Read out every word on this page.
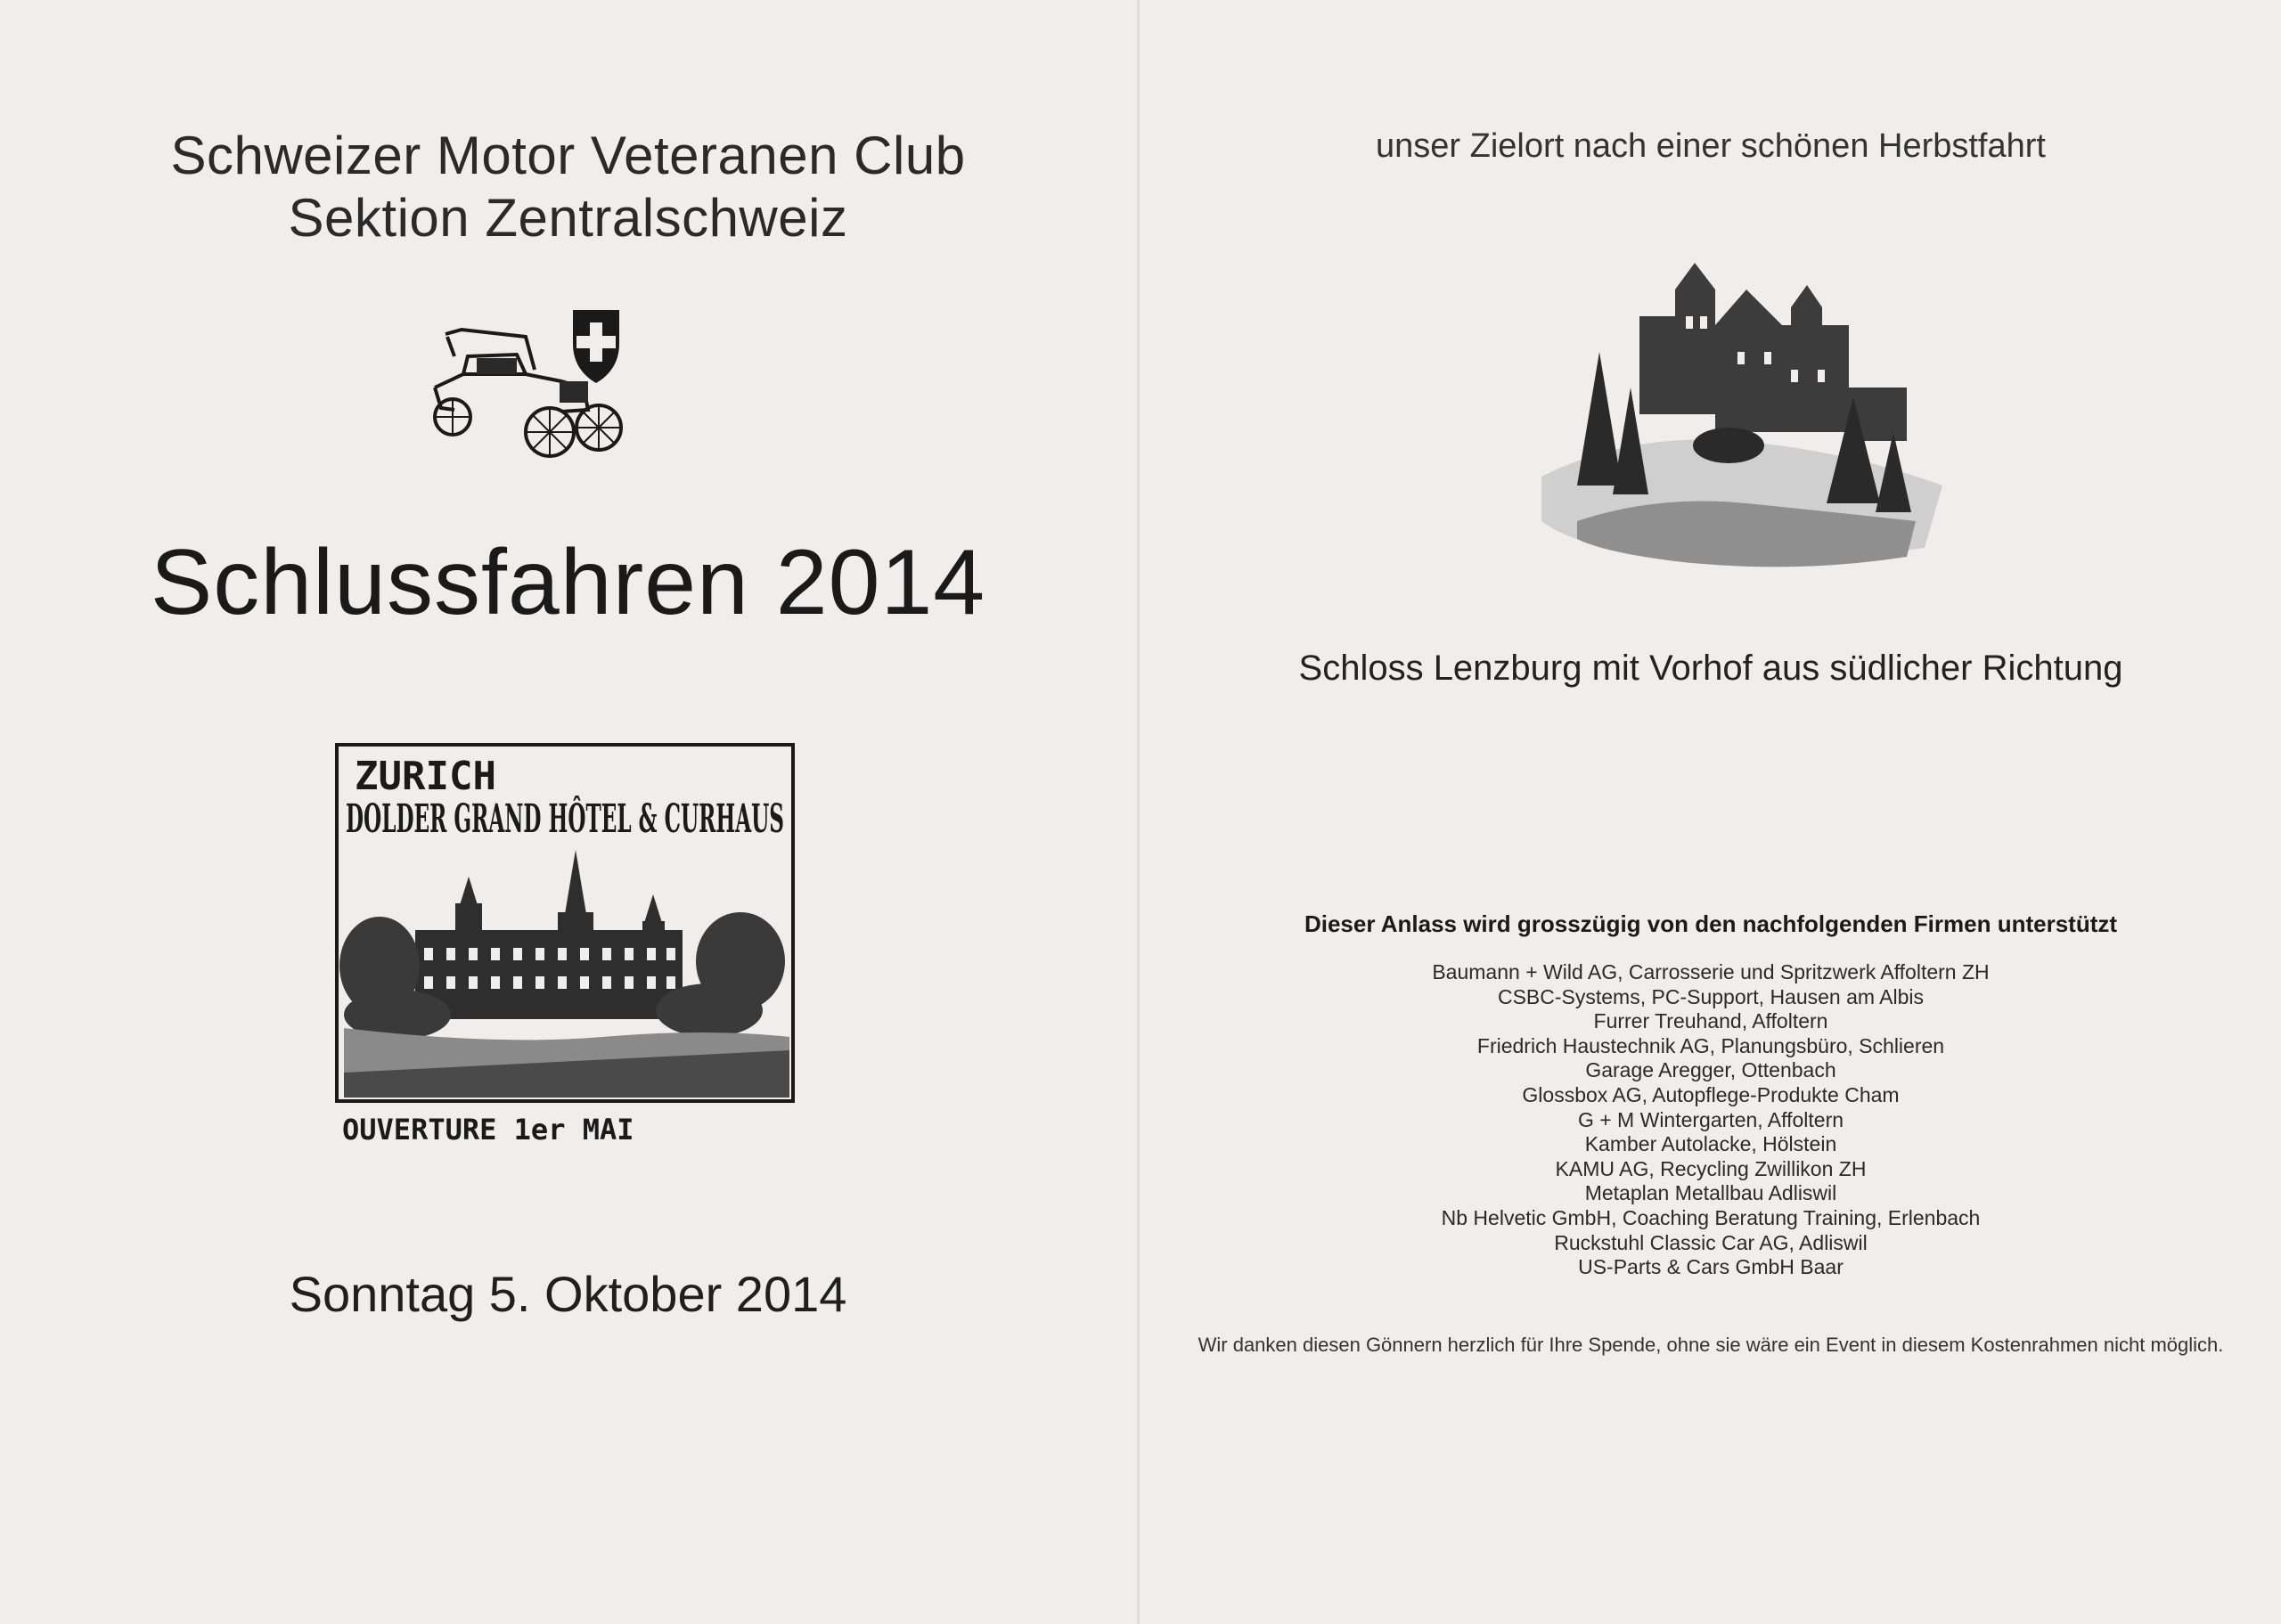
Schweizer Motor Veteranen Club
Sektion Zentralschweiz
Schlussfahren 2014
ZURICH
DOLDER GRAND HÔTEL & CURHAUS
OUVERTURE 1er MAI
Sonntag 5. Oktober 2014
unser Zielort nach einer schönen Herbstfahrt
Schloss Lenzburg mit Vorhof aus südlicher Richtung
Dieser Anlass wird grosszügig von den nachfolgenden Firmen unterstützt
Baumann + Wild AG, Carrosserie und Spritzwerk Affoltern ZH
CSBC-Systems, PC-Support, Hausen am Albis
Furrer Treuhand, Affoltern
Friedrich Haustechnik AG, Planungsbüro, Schlieren
Garage Aregger, Ottenbach
Glossbox AG, Autopflege-Produkte Cham
G + M Wintergarten, Affoltern
Kamber Autolacke, Hölstein
KAMU AG, Recycling Zwillikon ZH
Metaplan Metallbau Adliswil
Nb Helvetic GmbH, Coaching Beratung Training, Erlenbach
Ruckstuhl Classic Car AG, Adliswil
US-Parts & Cars GmbH Baar
Wir danken diesen Gönnern herzlich für Ihre Spende, ohne sie wäre ein Event in diesem Kostenrahmen nicht möglich.
